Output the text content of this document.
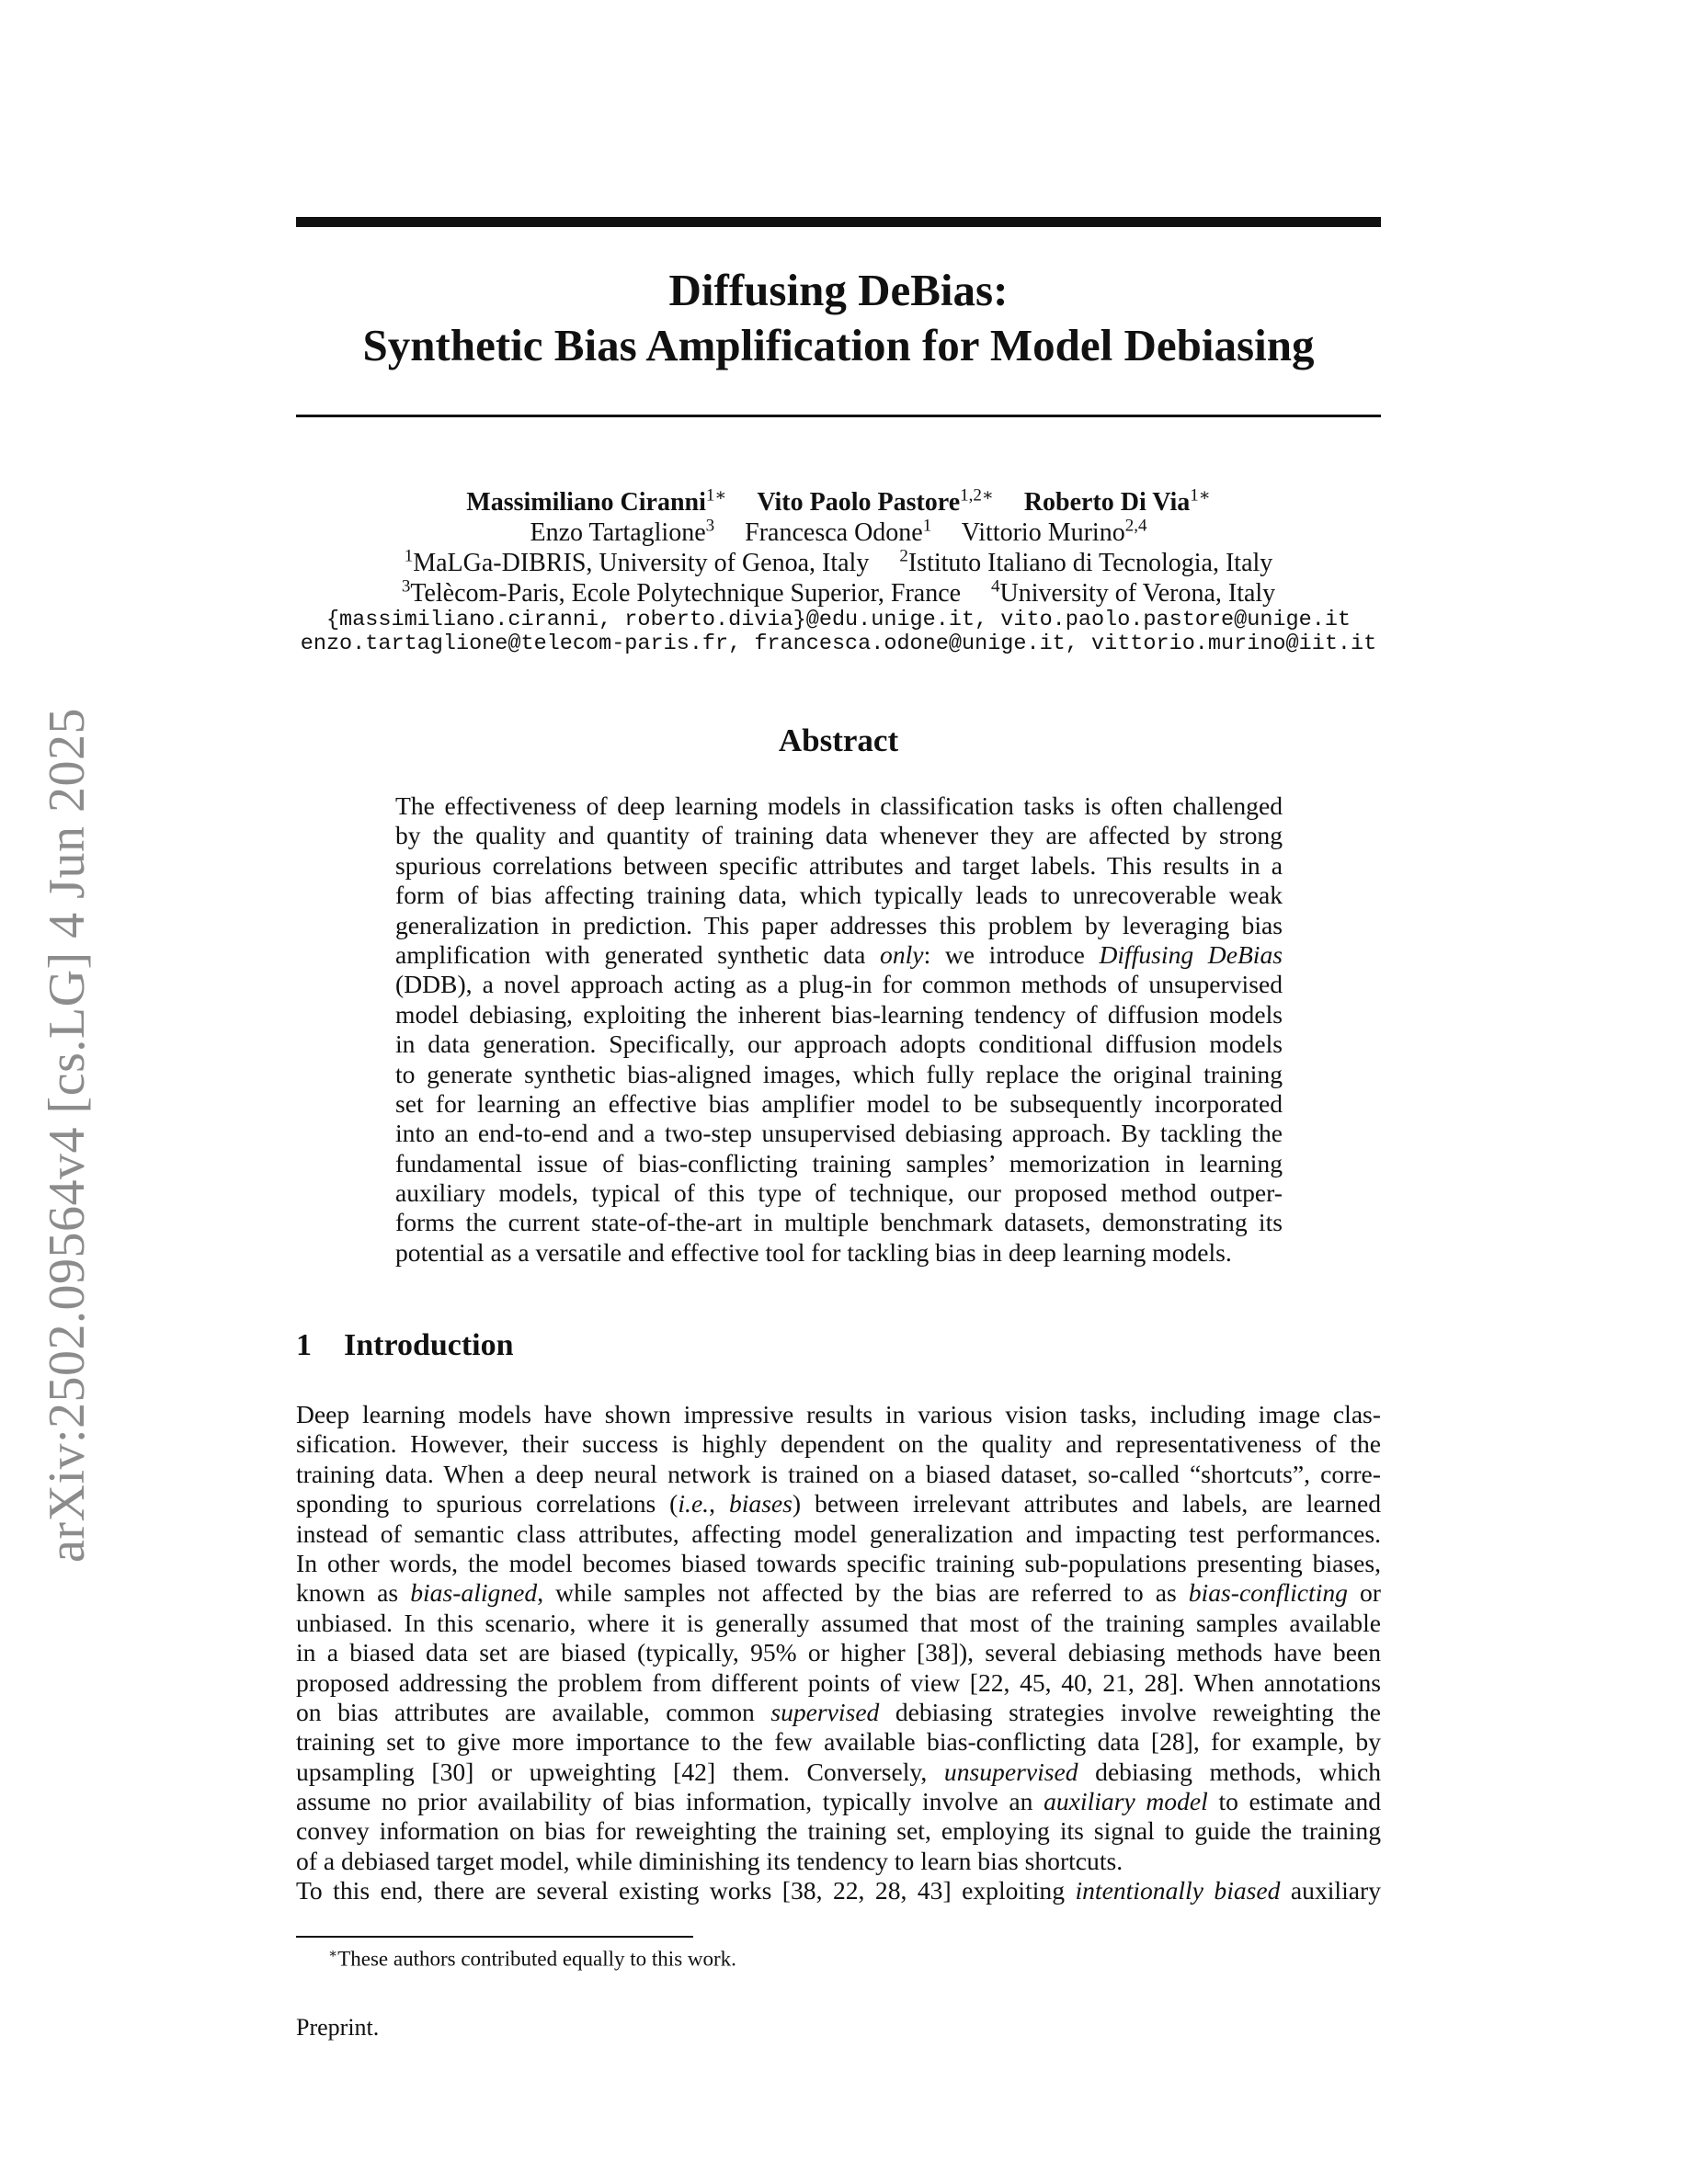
arXiv:2502.09564v4 [cs.LG] 4 Jun 2025
Diffusing DeBias:
Synthetic Bias Amplification for Model Debiasing
Massimiliano Ciranni$^{1∗}$ Vito Paolo Pastore$^{1,2∗}$ Roberto Di Via$^{1∗}$
Enzo Tartaglione$^3$ Francesca Odone$^1$ Vittorio Murino$^{2,4}$
$^1$MaLGa-DIBRIS, University of Genoa, Italy $^2$Istituto Italiano di Tecnologia, Italy
$^3$Telècom-Paris, Ecole Polytechnique Superior, France $^4$University of Verona, Italy
{massimiliano.ciranni, roberto.divia}@edu.unige.it, vito.paolo.pastore@unige.it
enzo.tartaglione@telecom-paris.fr, francesca.odone@unige.it, vittorio.murino@iit.it
Abstract
The effectiveness of deep learning models in classification tasks is often challenged
by the quality and quantity of training data whenever they are affected by strong
spurious correlations between specific attributes and target labels. This results in a
form of bias affecting training data, which typically leads to unrecoverable weak
generalization in prediction. This paper addresses this problem by leveraging bias
amplification with generated synthetic data only: we introduce Diffusing DeBias
(DDB), a novel approach acting as a plug-in for common methods of unsupervised
model debiasing, exploiting the inherent bias-learning tendency of diffusion models
in data generation. Specifically, our approach adopts conditional diffusion models
to generate synthetic bias-aligned images, which fully replace the original training
set for learning an effective bias amplifier model to be subsequently incorporated
into an end-to-end and a two-step unsupervised debiasing approach. By tackling the
fundamental issue of bias-conflicting training samples’ memorization in learning
auxiliary models, typical of this type of technique, our proposed method outper-
forms the current state-of-the-art in multiple benchmark datasets, demonstrating its
potential as a versatile and effective tool for tackling bias in deep learning models.
1 Introduction
Deep learning models have shown impressive results in various vision tasks, including image clas-
sification. However, their success is highly dependent on the quality and representativeness of the
training data. When a deep neural network is trained on a biased dataset, so-called “shortcuts”, corre-
sponding to spurious correlations (i.e., biases) between irrelevant attributes and labels, are learned
instead of semantic class attributes, affecting model generalization and impacting test performances.
In other words, the model becomes biased towards specific training sub-populations presenting biases,
known as bias-aligned, while samples not affected by the bias are referred to as bias-conflicting or
unbiased. In this scenario, where it is generally assumed that most of the training samples available
in a biased data set are biased (typically, 95% or higher [38]), several debiasing methods have been
proposed addressing the problem from different points of view [22, 45, 40, 21, 28]. When annotations
on bias attributes are available, common supervised debiasing strategies involve reweighting the
training set to give more importance to the few available bias-conflicting data [28], for example, by
upsampling [30] or upweighting [42] them. Conversely, unsupervised debiasing methods, which
assume no prior availability of bias information, typically involve an auxiliary model to estimate and
convey information on bias for reweighting the training set, employing its signal to guide the training
of a debiased target model, while diminishing its tendency to learn bias shortcuts.
To this end, there are several existing works [38, 22, 28, 43] exploiting intentionally biased auxiliary
∗These authors contributed equally to this work.
Preprint.
